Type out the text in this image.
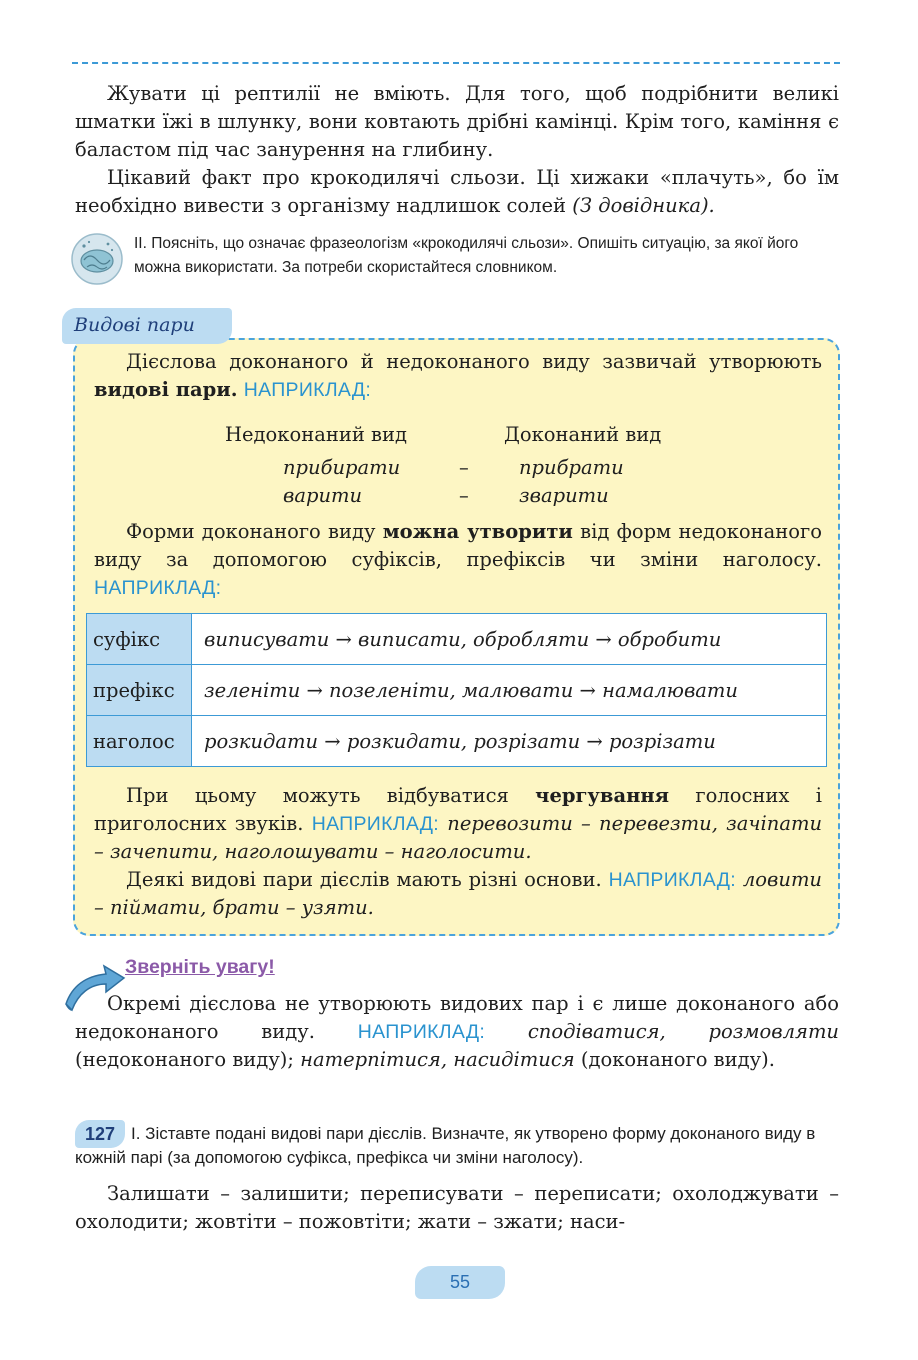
Жувати ці рептилії не вміють. Для того, щоб подрібнити великі шматки їжі в шлунку, вони ковтають дрібні камінці. Крім того, каміння є баластом під час занурення на глибину.

Цікавий факт про крокодилячі сльози. Ці хижаки «плачуть», бо їм необхідно вивести з організму надлишок солей (З довідника).

II. Поясніть, що означає фразеологізм «крокодилячі сльози». Опишіть ситуацію, за якої його можна використати. За потреби скористайтеся словником.
Видові пари

Дієслова доконаного й недоконаного виду зазвичай утворюють видові пари. НАПРИКЛАД:

Недоконаний вид	Доконаний вид
прибирати	–	прибрати
варити	–	зварити

Форми доконаного виду можна утворити від форм недоконаного виду за допомогою суфіксів, префіксів чи зміни наголосу. НАПРИКЛАД:

суфікс	виписувати → виписати, обробляти → обробити
префікс	зеленіти → позеленіти, малювати → намалювати
наголос	розкидати → розкидати, розрізати → розрізати

При цьому можуть відбуватися чергування голосних і приголосних звуків. НАПРИКЛАД: перевозити – перевезти, зачіпати – зачепити, наголошувати – наголосити.

Деякі видові пари дієслів мають різні основи. НАПРИКЛАД: ловити – піймати, брати – узяти.

Зверніть увагу!

Окремі дієслова не утворюють видових пар і є лише доконаного або недоконаного виду. НАПРИКЛАД: сподіватися, розмовляти (недоконаного виду); натерпітися, насидітися (доконаного виду).

127 I. Зіставте подані видові пари дієслів. Визначте, як утворено форму доконаного виду в кожній парі (за допомогою суфікса, префікса чи зміни наголосу).

Залишати – залишити; переписувати – переписати; охолоджувати – охолодити; жовтіти – пожовтіти; жати – зжати; наси-

55
